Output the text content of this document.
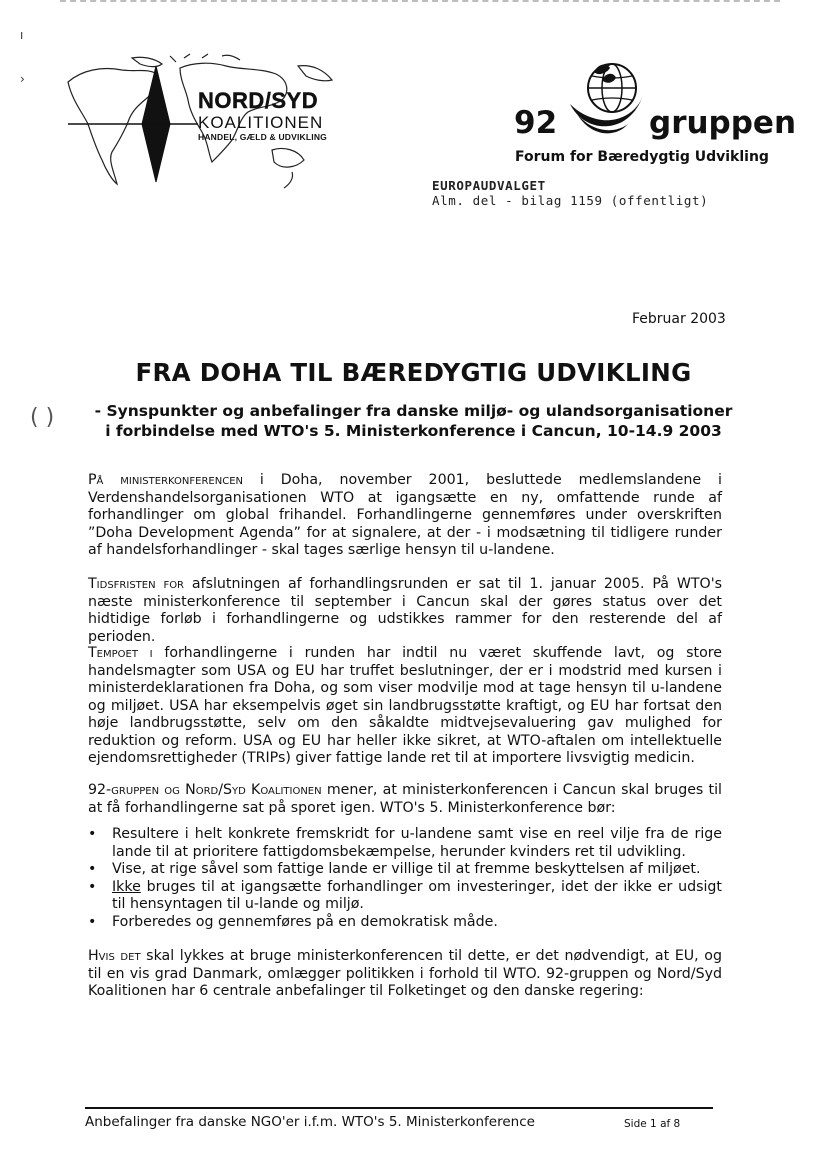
ı
›
NORD/SYD
KOALITIONEN
HANDEL, GÆLD & UDVIKLING	92	gruppen
Forum for Bæredygtig Udvikling
EUROPAUDVALGET
Alm. del - bilag 1159 (offentligt)
Februar 2003
FRA DOHA TIL BÆREDYGTIG UDVIKLING
( )	- Synspunkter og anbefalinger fra danske miljø- og ulandsorganisationer
i forbindelse med WTO's 5. Ministerkonference i Cancun, 10-14.9 2003

På ministerkonferencen i Doha, november 2001, besluttede medlemslandene i Verdenshandelsorganisationen WTO at igangsætte en ny, omfattende runde af forhandlinger om global frihandel. Forhandlingerne gennemføres under overskriften ”Doha Development Agenda” for at signalere, at der - i modsætning til tidligere runder af handelsforhandlinger - skal tages særlige hensyn til u-landene.

Tidsfristen for afslutningen af forhandlingsrunden er sat til 1. januar 2005. På WTO's næste ministerkonference til september i Cancun skal der gøres status over det hidtidige forløb i forhandlingerne og udstikkes rammer for den resterende del af perioden.

Tempoet i forhandlingerne i runden har indtil nu været skuffende lavt, og store handelsmagter som USA og EU har truffet beslutninger, der er i modstrid med kursen i ministerdeklarationen fra Doha, og som viser modvilje mod at tage hensyn til u-landene og miljøet. USA har eksempelvis øget sin landbrugsstøtte kraftigt, og EU har fortsat den høje landbrugsstøtte, selv om den såkaldte midtvejsevaluering gav mulighed for reduktion og reform. USA og EU har heller ikke sikret, at WTO-aftalen om intellektuelle ejendomsrettigheder (TRIPs) giver fattige lande ret til at importere livsvigtig medicin.

92-gruppen og Nord/Syd Koalitionen mener, at ministerkonferencen i Cancun skal bruges til at få forhandlingerne sat på sporet igen. WTO's 5. Ministerkonference bør:

• Resultere i helt konkrete fremskridt for u-landene samt vise en reel vilje fra de rige lande til at prioritere fattigdomsbekæmpelse, herunder kvinders ret til udvikling.
• Vise, at rige såvel som fattige lande er villige til at fremme beskyttelsen af miljøet.
• Ikke bruges til at igangsætte forhandlinger om investeringer, idet der ikke er udsigt til hensyntagen til u-lande og miljø.
• Forberedes og gennemføres på en demokratisk måde.

Hvis det skal lykkes at bruge ministerkonferencen til dette, er det nødvendigt, at EU, og til en vis grad Danmark, omlægger politikken i forhold til WTO. 92-gruppen og Nord/Syd Koalitionen har 6 centrale anbefalinger til Folketinget og den danske regering:

Anbefalinger fra danske NGO'er i.f.m. WTO's 5. Ministerkonference	Side 1 af 8
